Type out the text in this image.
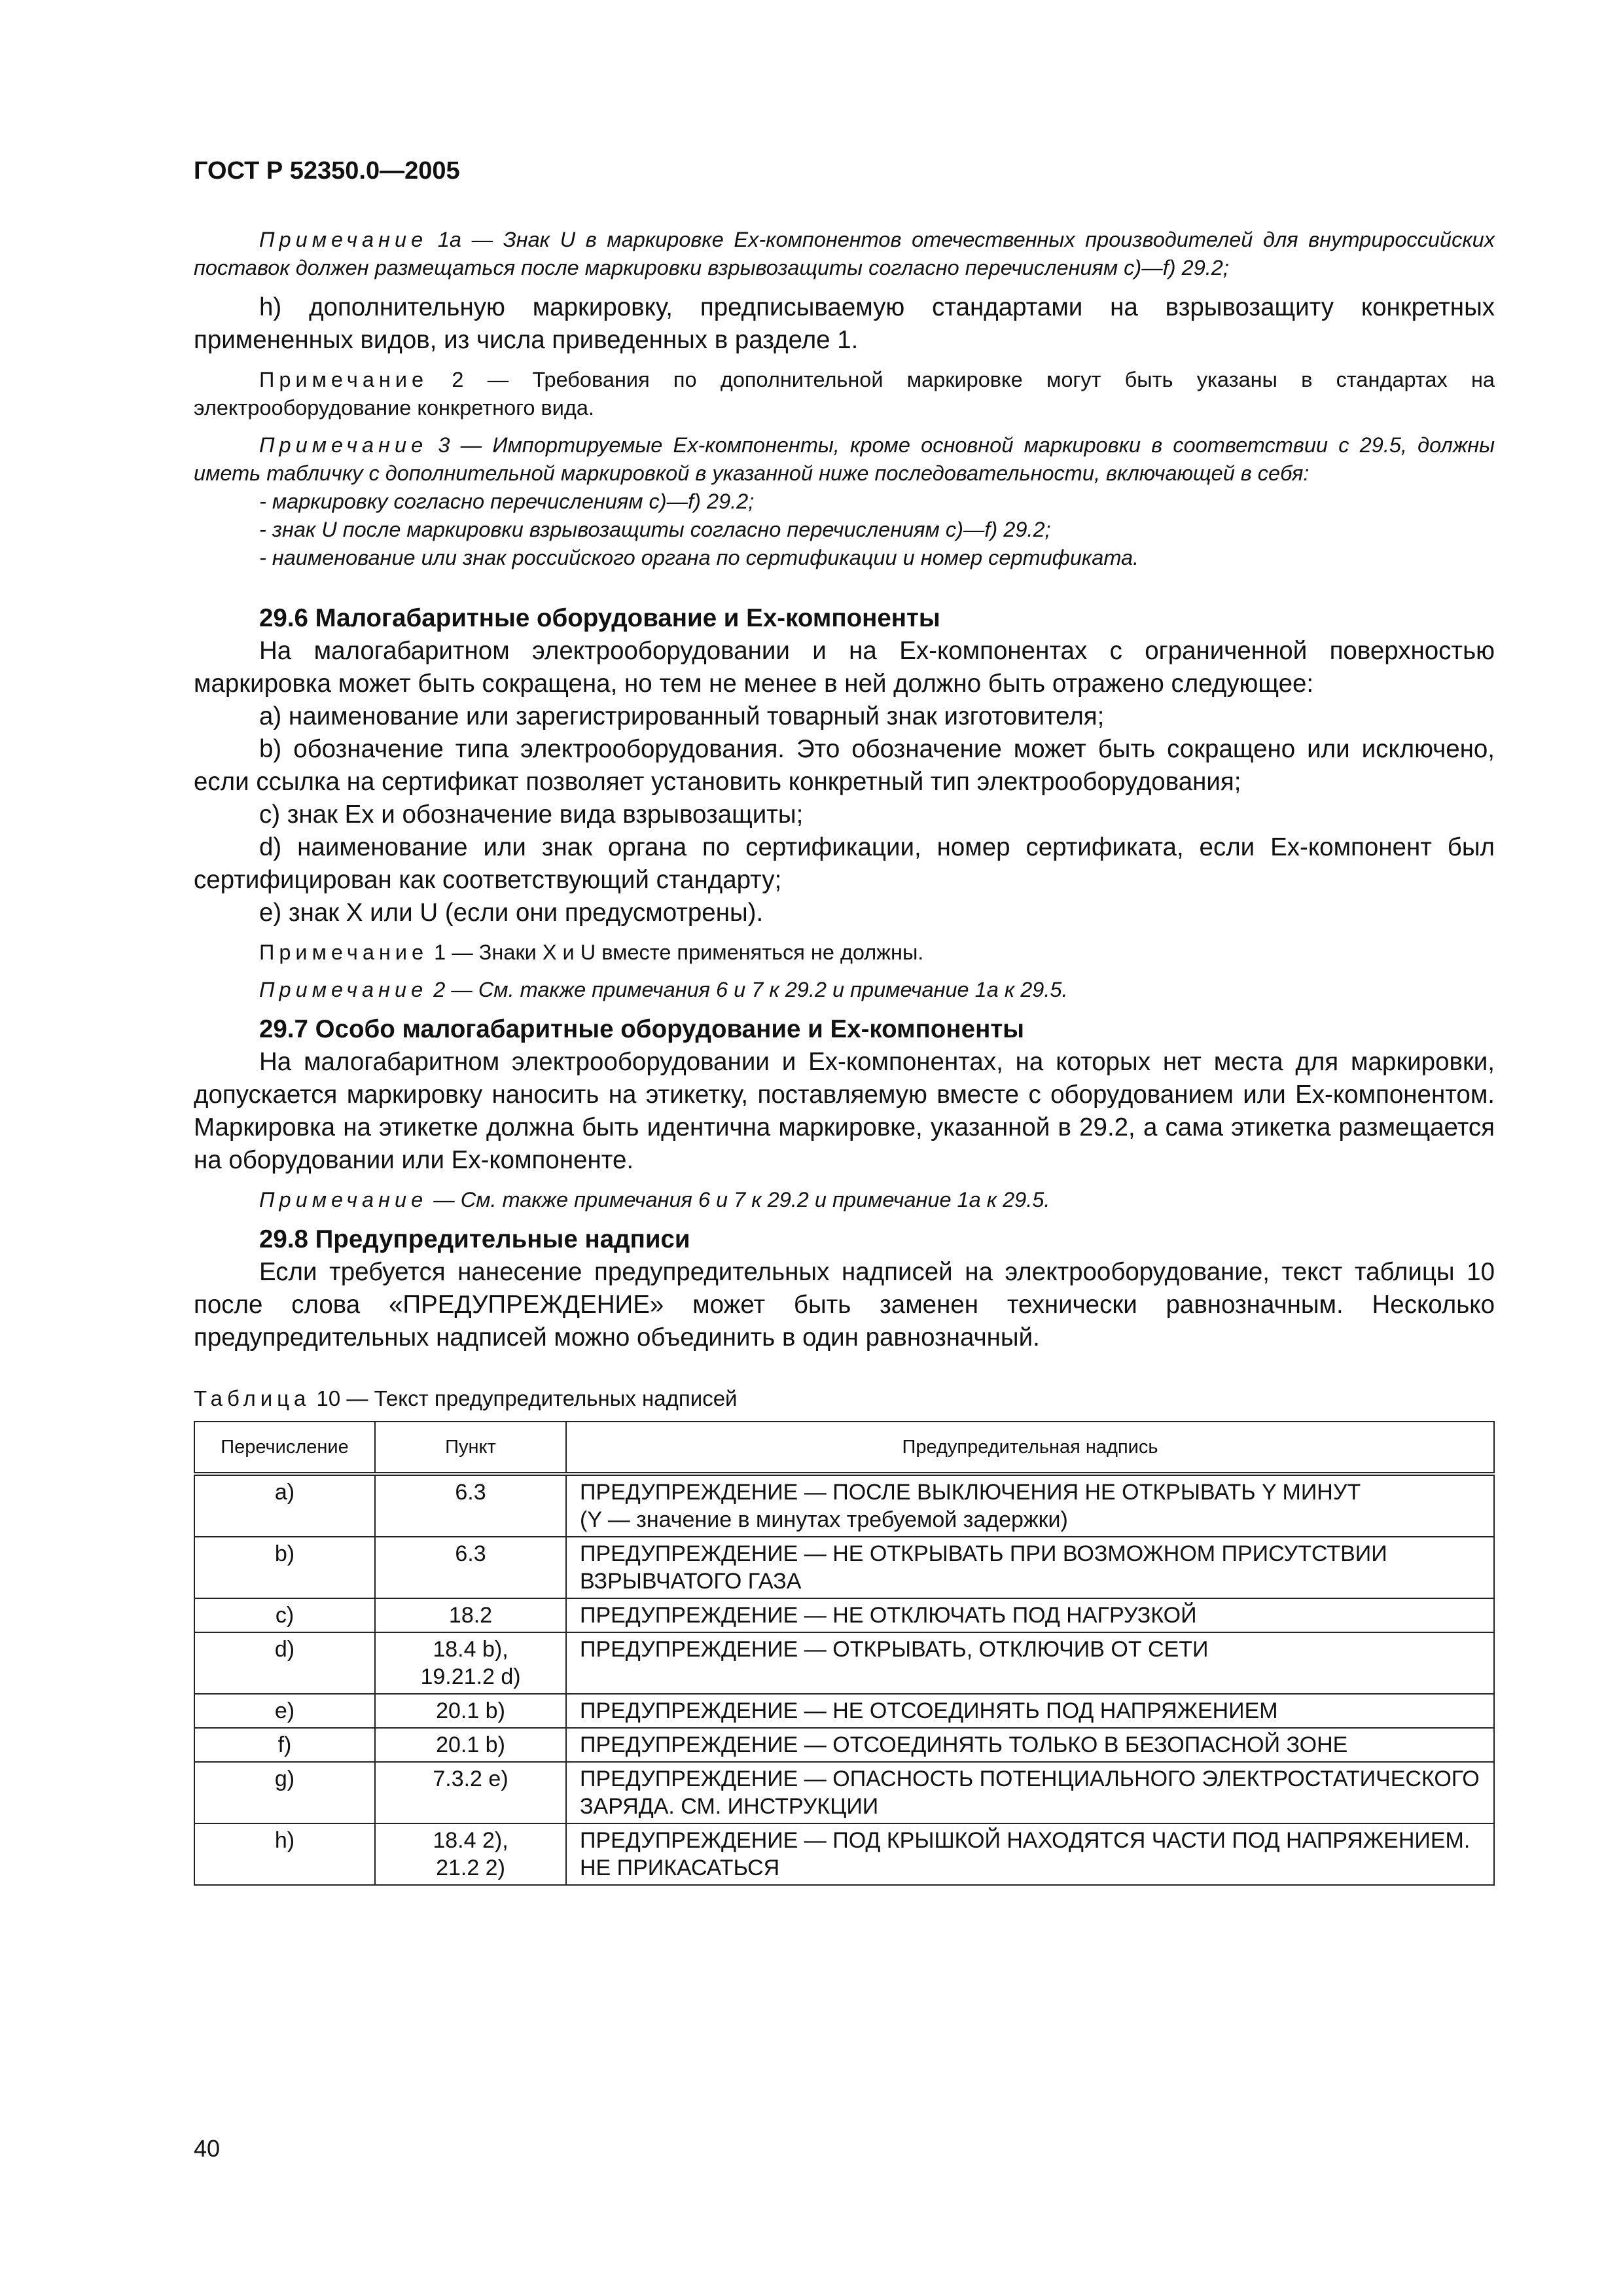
ГОСТ Р 52350.0—2005

Примечание 1а — Знак U в маркировке Ех-компонентов отечественных производителей для внутрироссийских поставок должен размещаться после маркировки взрывозащиты согласно перечислениям c)—f) 29.2;

h) дополнительную маркировку, предписываемую стандартами на взрывозащиту конкретных примененных видов, из числа приведенных в разделе 1.

Примечание 2 — Требования по дополнительной маркировке могут быть указаны в стандартах на электрооборудование конкретного вида.

Примечание 3 — Импортируемые Ех-компоненты, кроме основной маркировки в соответствии с 29.5, должны иметь табличку с дополнительной маркировкой в указанной ниже последовательности, включающей в себя:

- маркировку согласно перечислениям c)—f) 29.2;

- знак U после маркировки взрывозащиты согласно перечислениям c)—f) 29.2;

- наименование или знак российского органа по сертификации и номер сертификата.

29.6 Малогабаритные оборудование и Ех-компоненты

На малогабаритном электрооборудовании и на Ех-компонентах с ограниченной поверхностью маркировка может быть сокращена, но тем не менее в ней должно быть отражено следующее:

a) наименование или зарегистрированный товарный знак изготовителя;

b) обозначение типа электрооборудования. Это обозначение может быть сокращено или исключено, если ссылка на сертификат позволяет установить конкретный тип электрооборудования;

c) знак Ex и обозначение вида взрывозащиты;

d) наименование или знак органа по сертификации, номер сертификата, если Ех-компонент был сертифицирован как соответствующий стандарту;

e) знак X или U (если они предусмотрены).

Примечание 1 — Знаки X и U вместе применяться не должны.

Примечание 2 — См. также примечания 6 и 7 к 29.2 и примечание 1а к 29.5.

29.7 Особо малогабаритные оборудование и Ех-компоненты

На малогабаритном электрооборудовании и Ех-компонентах, на которых нет места для маркировки, допускается маркировку наносить на этикетку, поставляемую вместе с оборудованием или Ех-компонентом. Маркировка на этикетке должна быть идентична маркировке, указанной в 29.2, а сама этикетка размещается на оборудовании или Ех-компоненте.

Примечание — См. также примечания 6 и 7 к 29.2 и примечание 1а к 29.5.

29.8 Предупредительные надписи

Если требуется нанесение предупредительных надписей на электрооборудование, текст таблицы 10 после слова «ПРЕДУПРЕЖДЕНИЕ» может быть заменен технически равнозначным. Несколько предупредительных надписей можно объединить в один равнозначный.

Таблица 10 — Текст предупредительных надписей
Перечисление	Пункт	Предупредительная надпись
a)	6.3	ПРЕДУПРЕЖДЕНИЕ — ПОСЛЕ ВЫКЛЮЧЕНИЯ НЕ ОТКРЫВАТЬ Y МИНУТ
(Y — значение в минутах требуемой задержки)

b)	6.3	ПРЕДУПРЕЖДЕНИЕ — НЕ ОТКРЫВАТЬ ПРИ ВОЗМОЖНОМ ПРИСУТСТВИИ ВЗРЫВЧАТОГО ГАЗА
c)	18.2	ПРЕДУПРЕЖДЕНИЕ — НЕ ОТКЛЮЧАТЬ ПОД НАГРУЗКОЙ
d)	18.4 b),
19.21.2 d)	ПРЕДУПРЕЖДЕНИЕ — ОТКРЫВАТЬ, ОТКЛЮЧИВ ОТ СЕТИ
e)	20.1 b)	ПРЕДУПРЕЖДЕНИЕ — НЕ ОТСОЕДИНЯТЬ ПОД НАПРЯЖЕНИЕМ
f)	20.1 b)	ПРЕДУПРЕЖДЕНИЕ — ОТСОЕДИНЯТЬ ТОЛЬКО В БЕЗОПАСНОЙ ЗОНЕ
g)	7.3.2 e)	ПРЕДУПРЕЖДЕНИЕ — ОПАСНОСТЬ ПОТЕНЦИАЛЬНОГО ЭЛЕКТРОСТАТИЧЕСКОГО ЗАРЯДА. СМ. ИНСТРУКЦИИ
h)	18.4 2),
21.2 2)	ПРЕДУПРЕЖДЕНИЕ — ПОД КРЫШКОЙ НАХОДЯТСЯ ЧАСТИ ПОД НАПРЯЖЕНИЕМ. НЕ ПРИКАСАТЬСЯ
40
